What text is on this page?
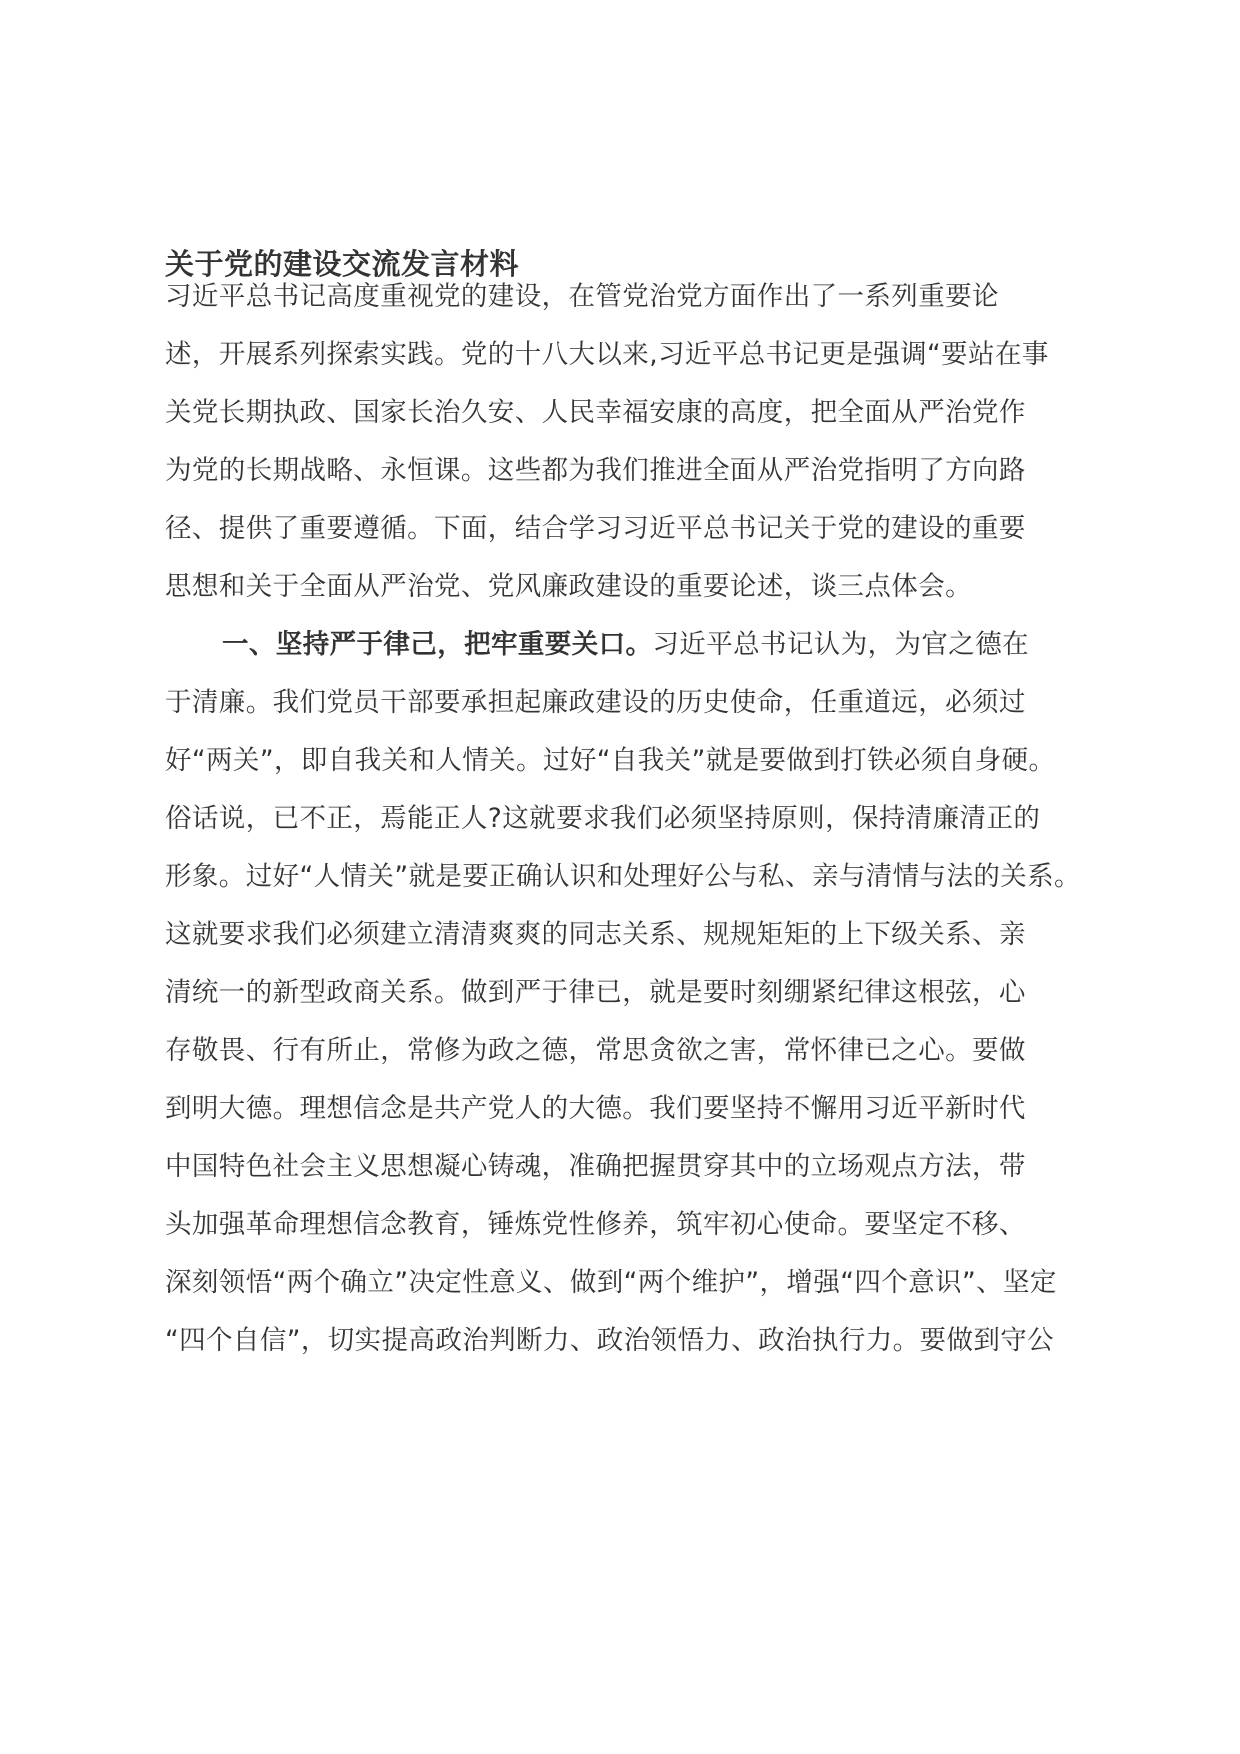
关于党的建设交流发言材料
习近平总书记高度重视党的建设，在管党治党方面作出了一系列重要论
述，开展系列探索实践。党的十八大以来,习近平总书记更是强调“要站在事
关党长期执政、国家长治久安、人民幸福安康的高度，把全面从严治党作
为党的长期战略、永恒课。这些都为我们推进全面从严治党指明了方向路
径、提供了重要遵循。下面，结合学习习近平总书记关于党的建设的重要
思想和关于全面从严治党、党风廉政建设的重要论述，谈三点体会。
一、坚持严于律己，把牢重要关口。习近平总书记认为，为官之德在
于清廉。我们党员干部要承担起廉政建设的历史使命，任重道远，必须过
好“两关”，即自我关和人情关。过好“自我关”就是要做到打铁必须自身硬。
俗话说，已不正，焉能正人?这就要求我们必须坚持原则，保持清廉清正的
形象。过好“人情关”就是要正确认识和处理好公与私、亲与清情与法的关系。
这就要求我们必须建立清清爽爽的同志关系、规规矩矩的上下级关系、亲
清统一的新型政商关系。做到严于律已，就是要时刻绷紧纪律这根弦，心
存敬畏、行有所止，常修为政之德，常思贪欲之害，常怀律已之心。要做
到明大德。理想信念是共产党人的大德。我们要坚持不懈用习近平新时代
中国特色社会主义思想凝心铸魂，准确把握贯穿其中的立场观点方法，带
头加强革命理想信念教育，锤炼党性修养，筑牢初心使命。要坚定不移、
深刻领悟“两个确立”决定性意义、做到“两个维护”，增强“四个意识”、坚定
“四个自信”，切实提高政治判断力、政治领悟力、政治执行力。要做到守公
